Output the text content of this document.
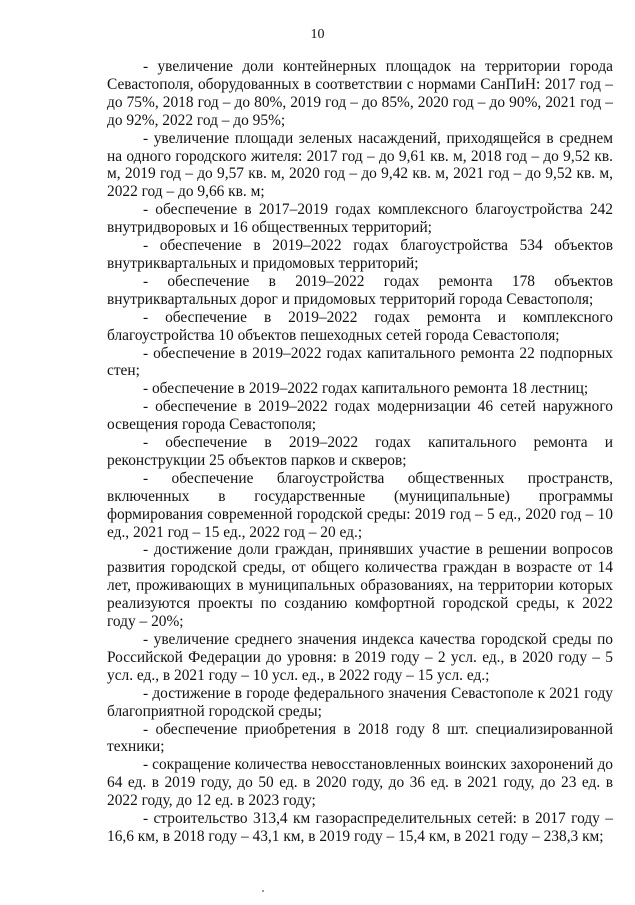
10

- увеличение доли контейнерных площадок на территории города Севастополя, оборудованных в соответствии с нормами СанПиН: 2017 год – до 75%, 2018 год – до 80%, 2019 год – до 85%, 2020 год – до 90%, 2021 год – до 92%, 2022 год – до 95%;

- увеличение площади зеленых насаждений, приходящейся в среднем на одного городского жителя: 2017 год – до 9,61 кв. м, 2018 год – до 9,52 кв. м, 2019 год – до 9,57 кв. м, 2020 год – до 9,42 кв. м, 2021 год – до 9,52 кв. м, 2022 год – до 9,66 кв. м;

- обеспечение в 2017–2019 годах комплексного благоустройства 242 внутридворовых и 16 общественных территорий;

- обеспечение в 2019–2022 годах благоустройства 534 объектов внутриквартальных и придомовых территорий;

- обеспечение в 2019–2022 годах ремонта 178 объектов внутриквартальных дорог и придомовых территорий города Севастополя;

- обеспечение в 2019–2022 годах ремонта и комплексного благоустройства 10 объектов пешеходных сетей города Севастополя;

- обеспечение в 2019–2022 годах капитального ремонта 22 подпорных стен;

- обеспечение в 2019–2022 годах капитального ремонта 18 лестниц;

- обеспечение в 2019–2022 годах модернизации 46 сетей наружного освещения города Севастополя;

- обеспечение в 2019–2022 годах капитального ремонта и реконструкции 25 объектов парков и скверов;

- обеспечение благоустройства общественных пространств, включенных в государственные (муниципальные) программы формирования современной городской среды: 2019 год – 5 ед., 2020 год – 10 ед., 2021 год – 15 ед., 2022 год – 20 ед.;

- достижение доли граждан, принявших участие в решении вопросов развития городской среды, от общего количества граждан в возрасте от 14 лет, проживающих в муниципальных образованиях, на территории которых реализуются проекты по созданию комфортной городской среды, к 2022 году – 20%;

- увеличение среднего значения индекса качества городской среды по Российской Федерации до уровня: в 2019 году – 2 усл. ед., в 2020 году – 5 усл. ед., в 2021 году – 10 усл. ед., в 2022 году – 15 усл. ед.;

- достижение в городе федерального значения Севастополе к 2021 году благоприятной городской среды;

- обеспечение приобретения в 2018 году 8 шт. специализированной техники;

- сокращение количества невосстановленных воинских захоронений до 64 ед. в 2019 году, до 50 ед. в 2020 году, до 36 ед. в 2021 году, до 23 ед. в 2022 году, до 12 ед. в 2023 году;

- строительство 313,4 км газораспределительных сетей: в 2017 году – 16,6 км, в 2018 году – 43,1 км, в 2019 году – 15,4 км, в 2021 году – 238,3 км;
